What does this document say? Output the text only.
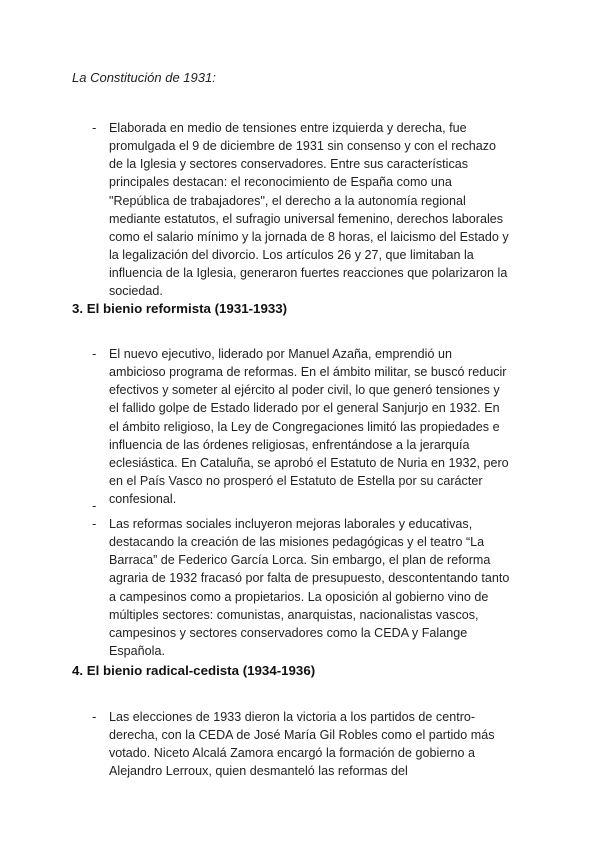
La Constitución de 1931:

- Elaborada en medio de tensiones entre izquierda y derecha, fue promulgada el 9 de diciembre de 1931 sin consenso y con el rechazo de la Iglesia y sectores conservadores. Entre sus características principales destacan: el reconocimiento de España como una "República de trabajadores", el derecho a la autonomía regional mediante estatutos, el sufragio universal femenino, derechos laborales como el salario mínimo y la jornada de 8 horas, el laicismo del Estado y la legalización del divorcio. Los artículos 26 y 27, que limitaban la influencia de la Iglesia, generaron fuertes reacciones que polarizaron la sociedad.

3. El bienio reformista (1931-1933)

- El nuevo ejecutivo, liderado por Manuel Azaña, emprendió un ambicioso programa de reformas. En el ámbito militar, se buscó reducir efectivos y someter al ejército al poder civil, lo que generó tensiones y el fallido golpe de Estado liderado por el general Sanjurjo en 1932. En el ámbito religioso, la Ley de Congregaciones limitó las propiedades e influencia de las órdenes religiosas, enfrentándose a la jerarquía eclesiástica. En Cataluña, se aprobó el Estatuto de Nuria en 1932, pero en el País Vasco no prosperó el Estatuto de Estella por su carácter confesional.

-

- Las reformas sociales incluyeron mejoras laborales y educativas, destacando la creación de las misiones pedagógicas y el teatro “La Barraca” de Federico García Lorca. Sin embargo, el plan de reforma agraria de 1932 fracasó por falta de presupuesto, descontentando tanto a campesinos como a propietarios. La oposición al gobierno vino de múltiples sectores: comunistas, anarquistas, nacionalistas vascos, campesinos y sectores conservadores como la CEDA y Falange Española.

4. El bienio radical-cedista (1934-1936)

- Las elecciones de 1933 dieron la victoria a los partidos de centro-derecha, con la CEDA de José María Gil Robles como el partido más votado. Niceto Alcalá Zamora encargó la formación de gobierno a Alejandro Lerroux, quien desmanteló las reformas del
